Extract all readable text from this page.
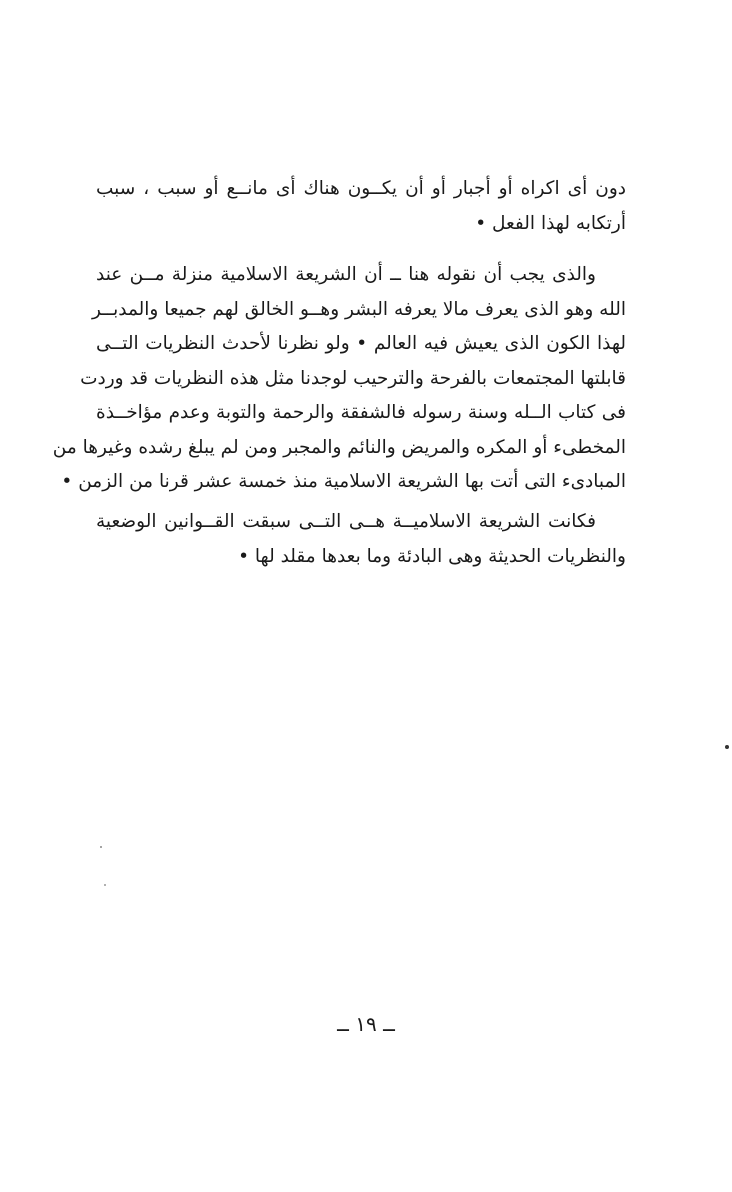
دون أى اكراه أو أجبار أو أن يكــون هناك أى مانــع أو سبب ، سبب
أرتكابه لهذا الفعل •
والذى يجب أن نقوله هنا ــ أن الشريعة الاسلامية منزلة مــن عند
الله وهو الذى يعرف مالا يعرفه البشر وهــو الخالق لهم جميعا والمدبــر
لهذا الكون الذى يعيش فيه العالم • ولو نظرنا لأحدث النظريات التــى
قابلتها المجتمعات بالفرحة والترحيب لوجدنا مثل هذه النظريات قد وردت
فى كتاب الــله وسنة رسوله فالشفقة والرحمة والتوبة وعدم مؤاخــذة
المخطىء أو المكره والمريض والنائم والمجبر ومن لم يبلغ رشده وغيرها من
المبادىء التى أتت بها الشريعة الاسلامية منذ خمسة عشر قرنا من الزمن •
فكانت الشريعة الاسلاميــة هــى التــى سبقت القــوانين الوضعية
والنظريات الحديثة وهى البادئة وما بعدها مقلد لها •
ــ ١٩ ــ
